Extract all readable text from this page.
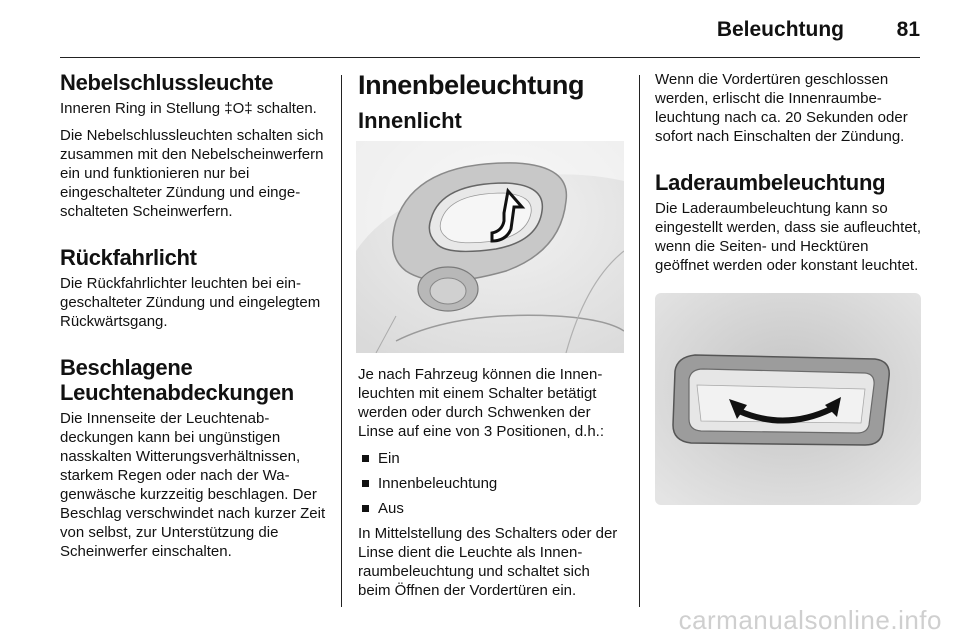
Beleuchtung	81
Nebelschlussleuchte

Inneren Ring in Stellung ‡O‡ schalten.

Die Nebelschlussleuchten schalten sich zusammen mit den Nebelscheinwerfern ein und funktionieren nur bei eingeschalteter Zündung und eingeschalteten Scheinwerfern.

Rückfahrlicht

Die Rückfahrlichter leuchten bei eingeschalteter Zündung und eingelegtem Rückwärtsgang.

Beschlagene Leuchtenabdeckungen

Die Innenseite der Leuchtenabdeckungen kann bei ungünstigen nasskalten Witterungsverhältnissen, starkem Regen oder nach der Wagenwäsche kurzzeitig beschlagen. Der Beschlag verschwindet nach kurzer Zeit von selbst, zur Unterstützung die Scheinwerfer einschalten.

Innenbeleuchtung
Innenlicht

Je nach Fahrzeug können die Innenleuchten mit einem Schalter betätigt werden oder durch Schwenken der Linse auf eine von 3 Positionen, d.h.:

Ein
Innenbeleuchtung
Aus

In Mittelstellung des Schalters oder der Linse dient die Leuchte als Innenraumbeleuchtung und schaltet sich beim Öffnen der Vordertüren ein.

Wenn die Vordertüren geschlossen werden, erlischt die Innenraumbeleuchtung nach ca. 20 Sekunden oder sofort nach Einschalten der Zündung.

Laderaumbeleuchtung

Die Laderaumbeleuchtung kann so eingestellt werden, dass sie aufleuchtet, wenn die Seiten- und Hecktüren geöffnet werden oder konstant leuchtet.

carmanualsonline.info
